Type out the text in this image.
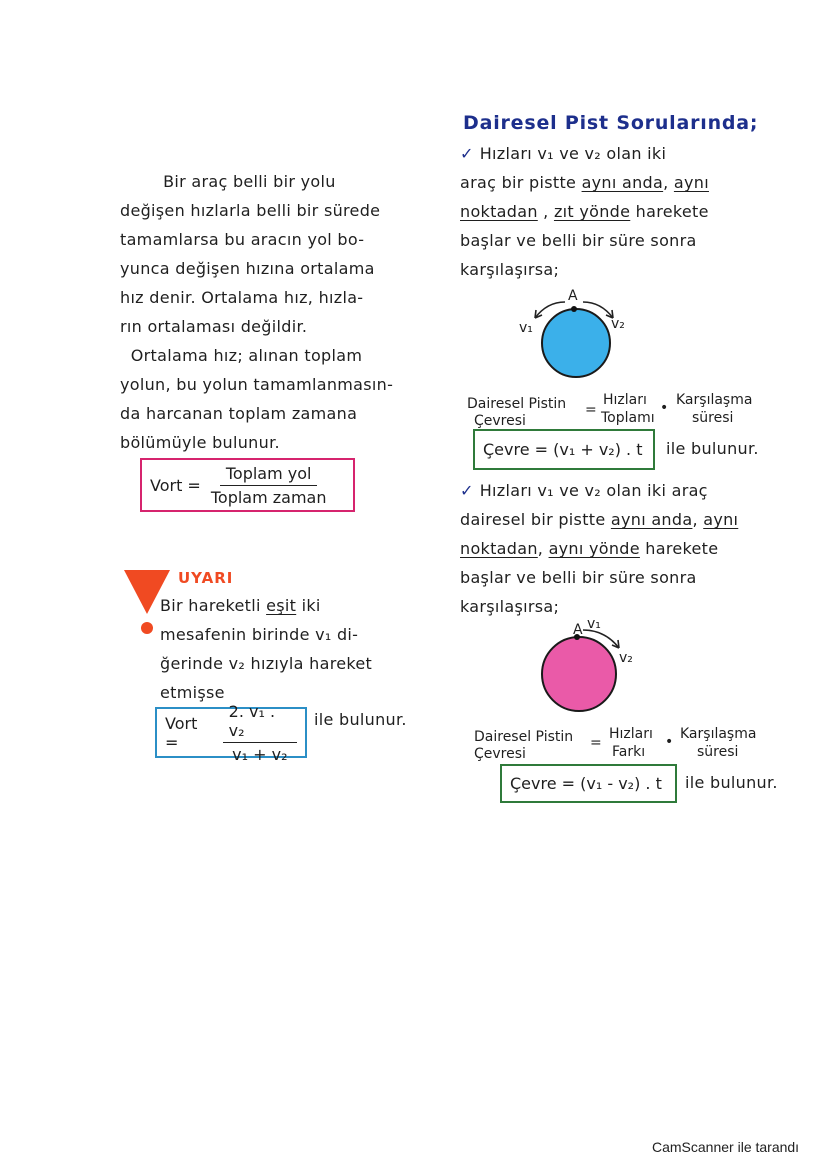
Vort = $\frac{\text{Toplam yol}}{\text{Toplam zaman}}$
UYARI
Vort =	$\frac{\text{2. v₁ . v₂}}{\text{v₁ + v₂}}$ ile bulunur.
Dairesel Pist Sorularında;
A
v₁	v₂
Dairesel Pistin
Çevresi
=
Hızları
Toplamı
• Karşılaşma
süresi
Çevre = (v₁ + v₂) . t ile bulunur.
A v₁
v₂
Dairesel Pistin
Çevresi
=
Hızları
Farkı
• Karşılaşma
süresi
Çevre = (v₁ - v₂) . t ile bulunur.
CamScanner ile tarandı
Bir araç belli bir yolu
değişen hızlarla belli bir sürede
tamamlarsa bu aracın yol bo-
yunca değişen hızına ortalama
hız denir. Ortalama hız, hızla-
rın ortalaması değildir.
Ortalama hız; alınan toplam
yolun, bu yolun tamamlanmasın-
da harcanan toplam zamana
bölümüyle bulunur.
Bir hareketli eşit iki
mesafenin birinde v₁ di-
ğerinde v₂ hızıyla hareket
etmişse
✓ Hızları v₁ ve v₂ olan iki
araç bir pistte aynı anda, aynı
noktadan , zıt yönde harekete
başlar ve belli bir süre sonra
karşılaşırsa;
✓ Hızları v₁ ve v₂ olan iki araç
dairesel bir pistte aynı anda, aynı
noktadan, aynı yönde harekete
başlar ve belli bir süre sonra
karşılaşırsa;
